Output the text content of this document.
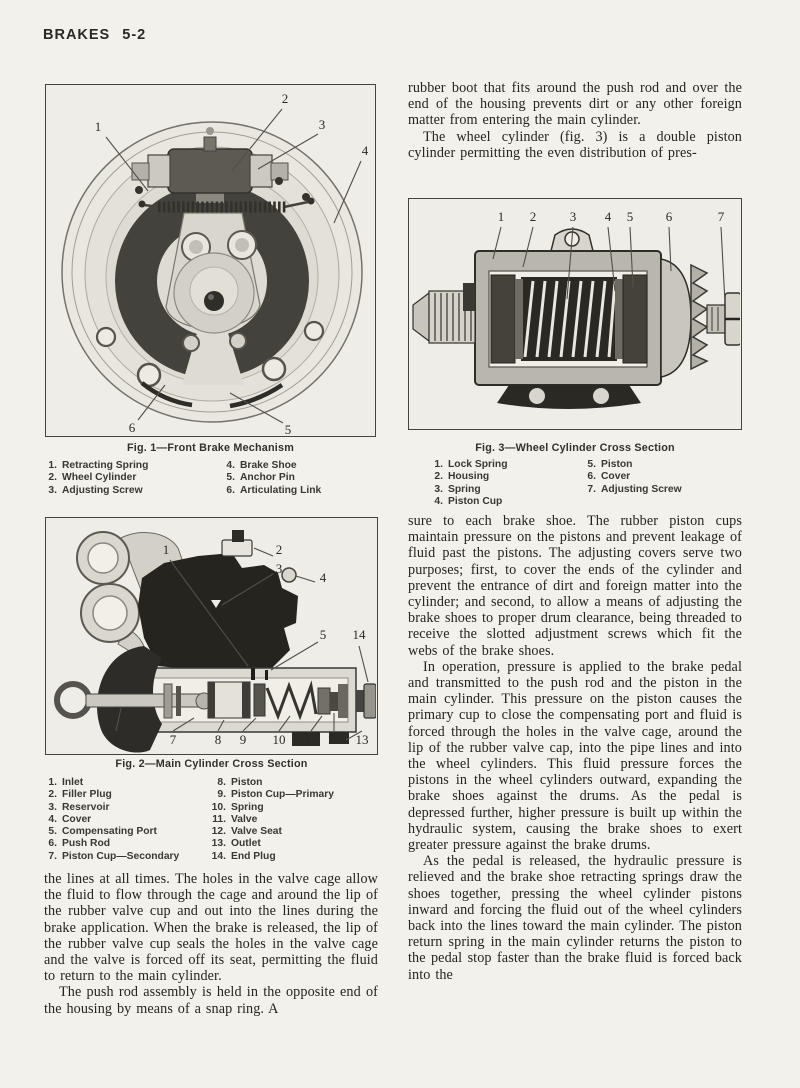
BRAKES 5-2
1
2
3
4
6	5
Fig. 1—Front Brake Mechanism
1. Retracting Spring
2. Wheel Cylinder
3. Adjusting Screw
4. Brake Shoe
5. Anchor Pin
6. Articulating Link
1	2
3
4
5 14
6	7	8 9 10 11 12 13
Fig. 2—Main Cylinder Cross Section
1. Inlet
2. Filler Plug
3. Reservoir
4. Cover
5. Compensating Port
6. Push Rod
7. Piston Cup—Secondary
8. Piston
9. Piston Cup—Primary
10. Spring
11. Valve
12. Valve Seat
13. Outlet
14. End Plug

the lines at all times. The holes in the valve cage allow the fluid to flow through the cage and around the lip of the rubber valve cup and out into the lines during the brake application. When the brake is released, the lip of the rubber valve cup seals the holes in the valve cage and the valve is forced off its seat, permitting the fluid to return to the main cylinder.

The push rod assembly is held in the opposite end of the housing by means of a snap ring. A

rubber boot that fits around the push rod and over the end of the housing prevents dirt or any other foreign matter from entering the main cylinder.

The wheel cylinder (fig. 3) is a double piston cylinder permitting the even distribution of pres-

1 2	3 4 5	6	7
Fig. 3—Wheel Cylinder Cross Section
1. Lock Spring
2. Housing
3. Spring
4. Piston Cup
5. Piston
6. Cover
7. Adjusting Screw

sure to each brake shoe. The rubber piston cups maintain pressure on the pistons and prevent leakage of fluid past the pistons. The adjusting covers serve two purposes; first, to cover the ends of the cylinder and prevent the entrance of dirt and foreign matter into the cylinder; and second, to allow a means of adjusting the brake shoes to proper drum clearance, being threaded to receive the slotted adjustment screws which fit the webs of the brake shoes.

In operation, pressure is applied to the brake pedal and transmitted to the push rod and the piston in the main cylinder. This pressure on the piston causes the primary cup to close the compensating port and fluid is forced through the holes in the valve cage, around the lip of the rubber valve cap, into the pipe lines and into the wheel cylinders. This fluid pressure forces the pistons in the wheel cylinders outward, expanding the brake shoes against the drums. As the pedal is depressed further, higher pressure is built up within the hydraulic system, causing the brake shoes to exert greater pressure against the brake drums.

As the pedal is released, the hydraulic pressure is relieved and the brake shoe retracting springs draw the shoes together, pressing the wheel cylinder pistons inward and forcing the fluid out of the wheel cylinders back into the lines toward the main cylinder. The piston return spring in the main cylinder returns the piston to the pedal stop faster than the brake fluid is forced back into the
